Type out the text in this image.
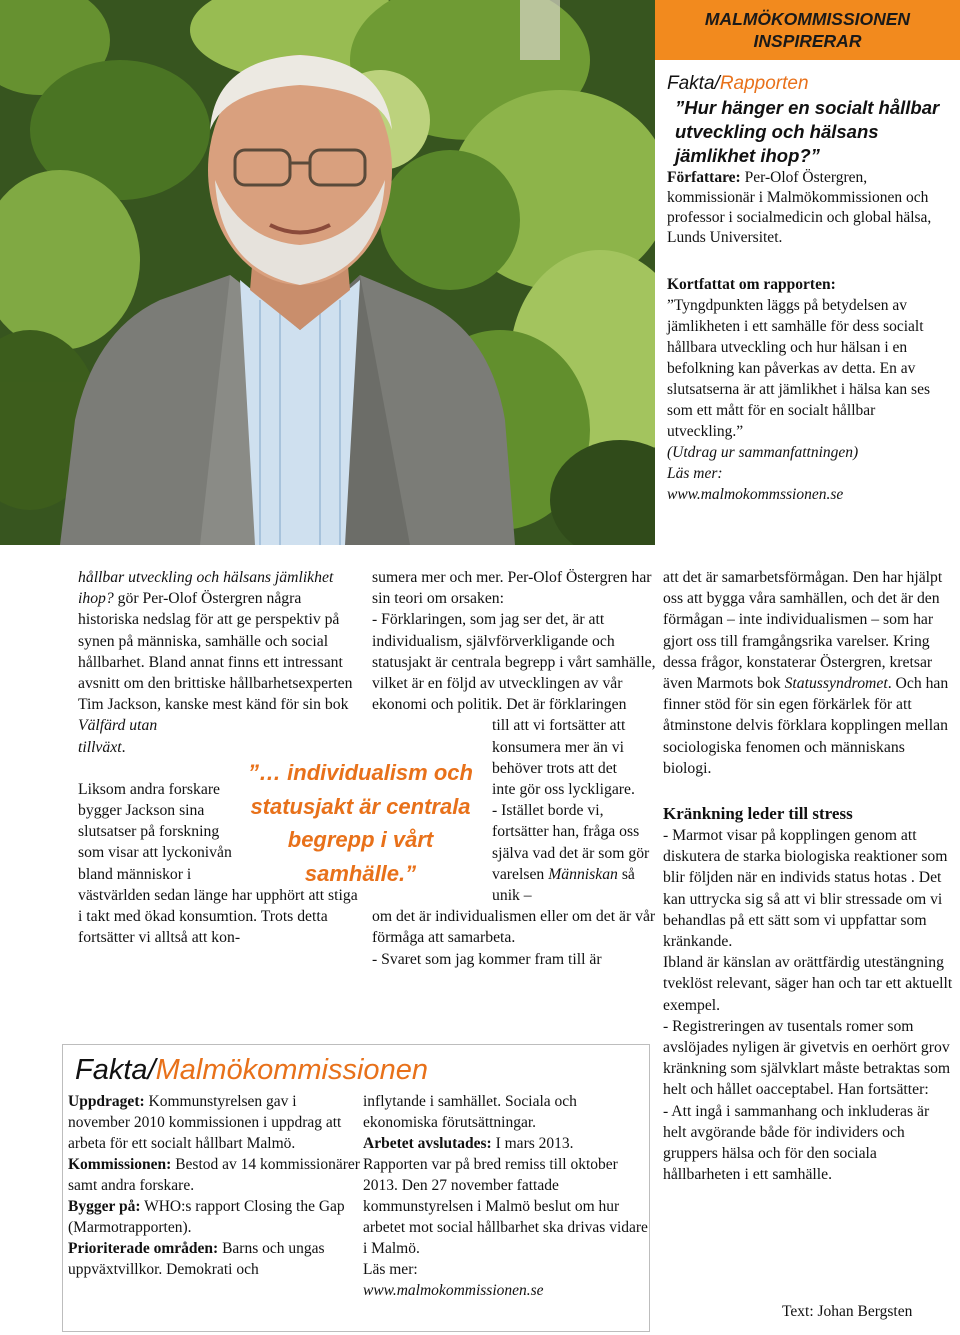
MALMÖKOMMISSIONEN
INSPIRERAR

Fakta/Rapporten

”Hur hänger en socialt hållbar utveckling och hälsans jämlikhet ihop?”

Författare: Per-Olof Östergren, kommissionär i Malmökommissionen och professor i socialmedicin och global hälsa, Lunds Universitet.

Kortfattat om rapporten:
”Tyngdpunkten läggs på betydelsen av jämlikheten i ett samhälle för dess socialt hållbara utveckling och hur hälsan i en befolkning kan påverkas av detta. En av slutsatserna är att jämlikhet i hälsa kan ses som ett mått för en socialt hållbar utveckling.”
(Utdrag ur sammanfattningen)
Läs mer:
www.malmokommssionen.se

hållbar utveckling och hälsans jämlikhet ihop? gör Per-Olof Östergren några historiska nedslag för att ge perspektiv på synen på människa, samhälle och social hållbarhet. Bland annat finns ett intressant avsnitt om den brittiske hållbarhetsexperten Tim Jackson, kanske mest känd för sin bok

Välfärd utan tillväxt.

Liksom andra forskare bygger Jackson sina slutsatser på forskning som visar att lyckonivån bland människor i

västvärlden sedan länge har upphört att stiga i takt med ökad konsumtion. Trots detta fortsätter vi alltså att kon-

sumera mer och mer. Per-Olof Östergren har sin teori om orsaken:

- Förklaringen, som jag ser det, är att individualism, självförverkligande och statusjakt är centrala begrepp i vårt samhälle, vilket är en följd av utvecklingen av vår ekonomi och politik. Det är förklaringen

till att vi fortsätter att konsumera mer än vi behöver trots att det inte gör oss lyckligare.

- Istället borde vi, fortsätter han, fråga oss själva vad det är som gör varelsen Människan så unik –

om det är individualismen eller om det är vår förmåga att samarbeta.

- Svaret som jag kommer fram till är

”… individualism och statusjakt är centrala begrepp i vårt samhälle.”

att det är samarbetsförmågan. Den har hjälpt oss att bygga våra samhällen, och det är den förmågan – inte individualismen – som har gjort oss till framgångsrika varelser. Kring dessa frågor, konstaterar Östergren, kretsar även Marmots bok Statussyndromet. Och han finner stöd för sin egen förkärlek för att åtminstone delvis förklara kopplingen mellan sociologiska fenomen och människans biologi.

Kränkning leder till stress

- Marmot visar på kopplingen genom att diskutera de starka biologiska reaktioner som blir följden när en individs status hotas . Det kan uttrycka sig så att vi blir stressade om vi behandlas på ett sätt som vi uppfattar som kränkande.

Ibland är känslan av orättfärdig utestängning tveklöst relevant, säger han och tar ett aktuellt exempel.

- Registreringen av tusentals romer som avslöjades nyligen är givetvis en oerhört grov kränkning som självklart måste betraktas som helt och hållet oacceptabel. Han fortsätter:

- Att ingå i sammanhang och inkluderas är helt avgörande både för individers och gruppers hälsa och för den sociala hållbarheten i ett samhälle.

Text: Johan Bergsten
Fakta/Malmökommissionen
Uppdraget: Kommunstyrelsen gav i november 2010 kommissionen i uppdrag att arbeta för ett socialt hållbart Malmö.
Kommissionen: Bestod av 14 kommissionärer samt andra forskare.
Bygger på: WHO:s rapport Closing the Gap (Marmotrapporten).
Prioriterade områden: Barns och ungas uppväxtvillkor. Demokrati och
inflytande i samhället. Sociala och ekonomiska förutsättningar.
Arbetet avslutades: I mars 2013.
Rapporten var på bred remiss till oktober 2013. Den 27 november fattade kommunstyrelsen i Malmö beslut om hur arbetet mot social hållbarhet ska drivas vidare i Malmö.
Läs mer:
www.malmokommissionen.se
